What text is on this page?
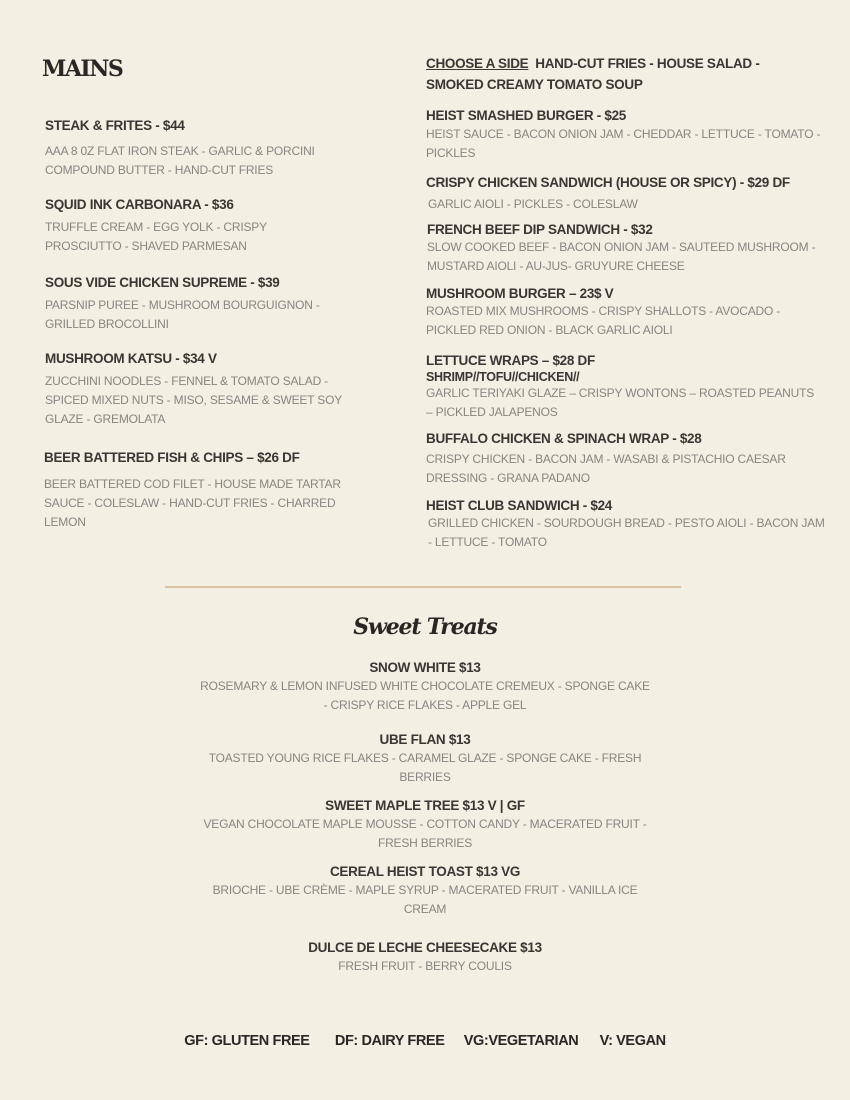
MAINS
STEAK & FRITES - $44
AAA 8 0Z FLAT IRON STEAK - GARLIC & PORCINI COMPOUND BUTTER - HAND-CUT FRIES
SQUID INK CARBONARA - $36
TRUFFLE CREAM - EGG YOLK - CRISPY PROSCIUTTO - SHAVED PARMESAN
SOUS VIDE CHICKEN SUPREME - $39
PARSNIP PUREE - MUSHROOM BOURGUIGNON - GRILLED BROCOLLINI
MUSHROOM KATSU - $34 V
ZUCCHINI NOODLES - FENNEL & TOMATO SALAD - SPICED MIXED NUTS - MISO, SESAME & SWEET SOY GLAZE - GREMOLATA
BEER BATTERED FISH & CHIPS – $26 DF
BEER BATTERED COD FILET - HOUSE MADE TARTAR SAUCE - COLESLAW - HAND-CUT FRIES - CHARRED LEMON
CHOOSE A SIDE HAND-CUT FRIES - HOUSE SALAD - SMOKED CREAMY TOMATO SOUP
HEIST SMASHED BURGER - $25
HEIST SAUCE - BACON ONION JAM - CHEDDAR - LETTUCE - TOMATO - PICKLES
CRISPY CHICKEN SANDWICH (HOUSE OR SPICY) - $29 DF
GARLIC AIOLI - PICKLES - COLESLAW
FRENCH BEEF DIP SANDWICH - $32
SLOW COOKED BEEF - BACON ONION JAM - SAUTEED MUSHROOM - MUSTARD AIOLI - AU-JUS- GRUYURE CHEESE
MUSHROOM BURGER – 23$ V
ROASTED MIX MUSHROOMS - CRISPY SHALLOTS - AVOCADO - PICKLED RED ONION - BLACK GARLIC AIOLI
LETTUCE WRAPS – $28 DF
SHRIMP//TOFU//CHICKEN//
GARLIC TERIYAKI GLAZE – CRISPY WONTONS – ROASTED PEANUTS – PICKLED JALAPENOS
BUFFALO CHICKEN & SPINACH WRAP - $28
CRISPY CHICKEN - BACON JAM - WASABI & PISTACHIO CAESAR DRESSING - GRANA PADANO
HEIST CLUB SANDWICH - $24
GRILLED CHICKEN - SOURDOUGH BREAD - PESTO AIOLI - BACON JAM - LETTUCE - TOMATO
Sweet Treats
SNOW WHITE $13
ROSEMARY & LEMON INFUSED WHITE CHOCOLATE CREMEUX - SPONGE CAKE - CRISPY RICE FLAKES - APPLE GEL
UBE FLAN $13
TOASTED YOUNG RICE FLAKES - CARAMEL GLAZE - SPONGE CAKE - FRESH BERRIES
SWEET MAPLE TREE $13 V | GF
VEGAN CHOCOLATE MAPLE MOUSSE - COTTON CANDY - MACERATED FRUIT - FRESH BERRIES
CEREAL HEIST TOAST $13 VG
BRIOCHE - UBE CRÈME - MAPLE SYRUP - MACERATED FRUIT - VANILLA ICE CREAM
DULCE DE LECHE CHEESECAKE $13
FRESH FRUIT - BERRY COULIS
GF: GLUTEN FREE DF: DAIRY FREE VG:VEGETARIAN V: VEGAN
